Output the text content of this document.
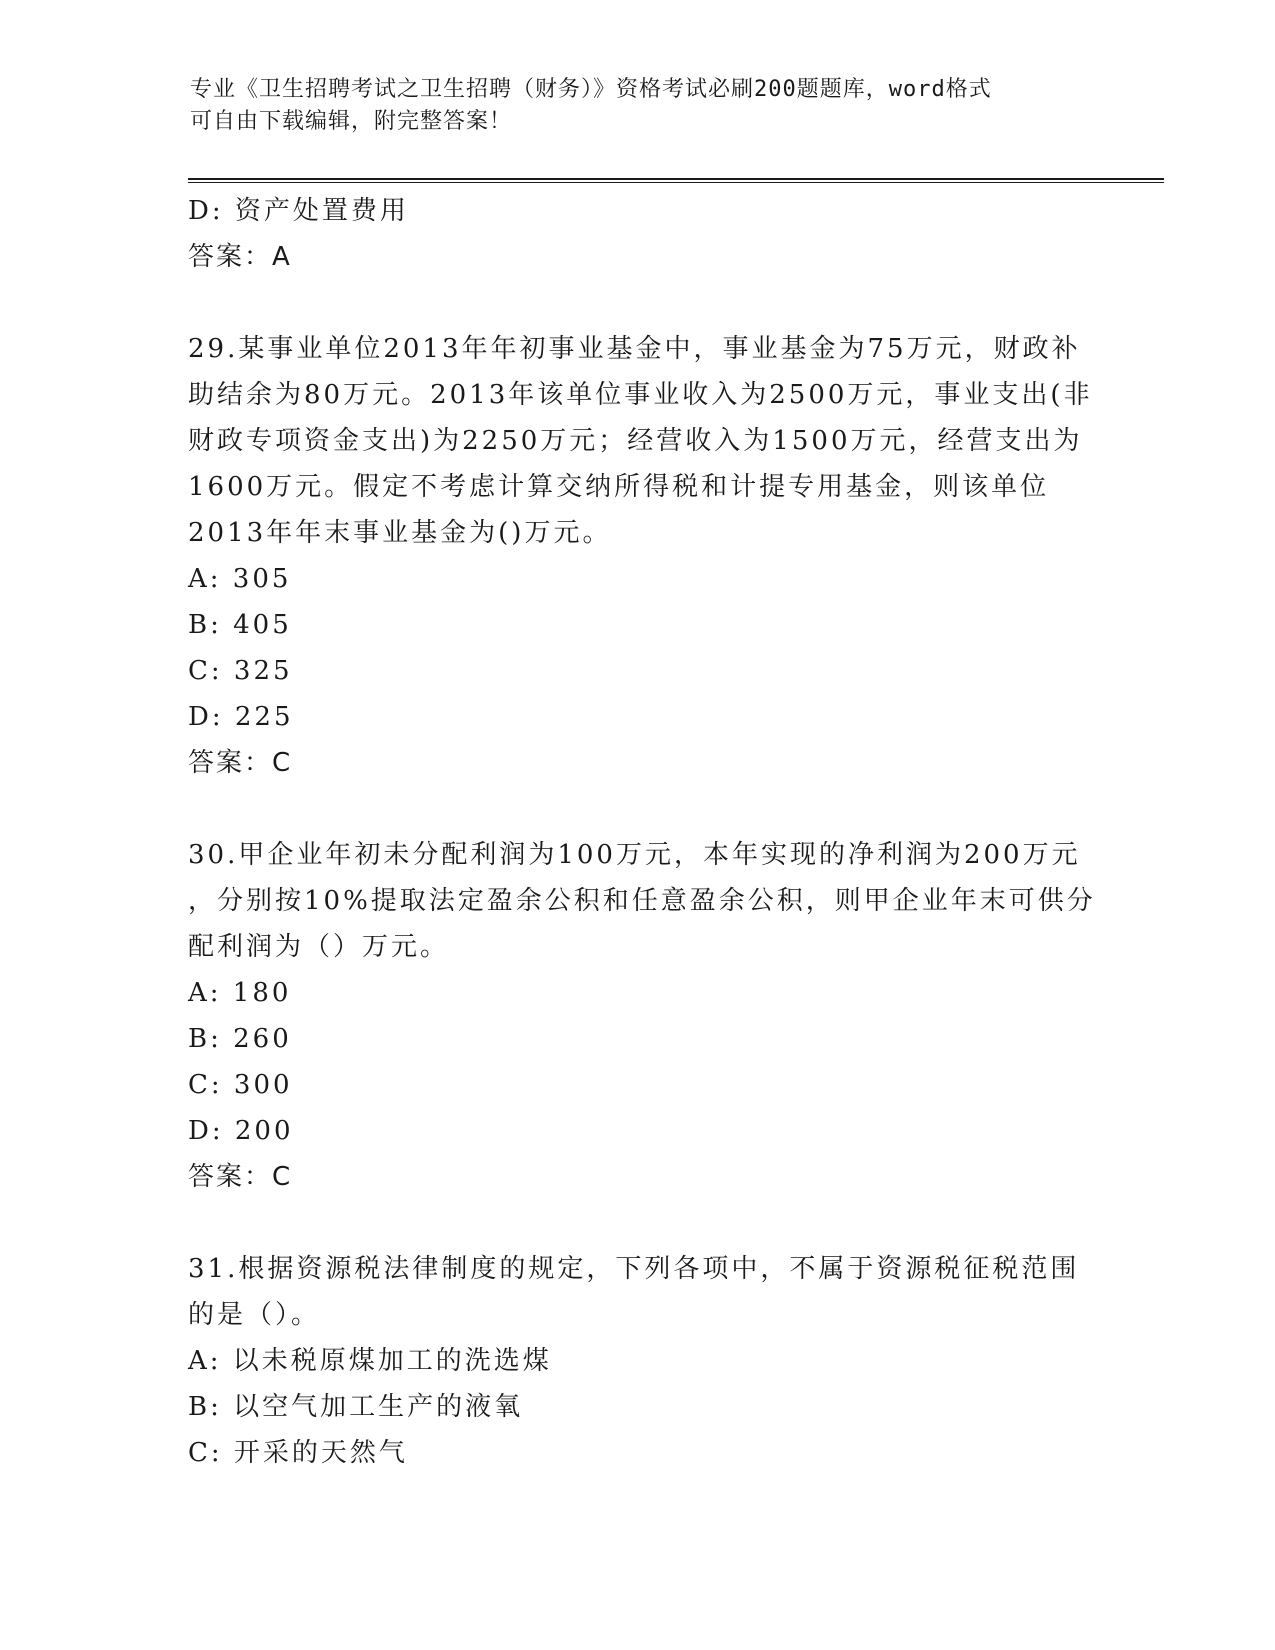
专业《卫生招聘考试之卫生招聘（财务）》资格考试必刷200题题库，word格式
可自由下载编辑，附完整答案！
D: 资产处置费用
答案：A
29.某事业单位2013年年初事业基金中，事业基金为75万元，财政补
助结余为80万元。2013年该单位事业收入为2500万元，事业支出(非
财政专项资金支出)为2250万元；经营收入为1500万元，经营支出为
1600万元。假定不考虑计算交纳所得税和计提专用基金，则该单位
2013年年末事业基金为()万元。
A: 305
B: 405
C: 325
D: 225
答案：C
30.甲企业年初未分配利润为100万元，本年实现的净利润为200万元
，分别按10%提取法定盈余公积和任意盈余公积，则甲企业年末可供分
配利润为（）万元。
A: 180
B: 260
C: 300
D: 200
答案：C
31.根据资源税法律制度的规定，下列各项中，不属于资源税征税范围
的是（）。
A: 以未税原煤加工的洗选煤
B: 以空气加工生产的液氧
C: 开采的天然气
